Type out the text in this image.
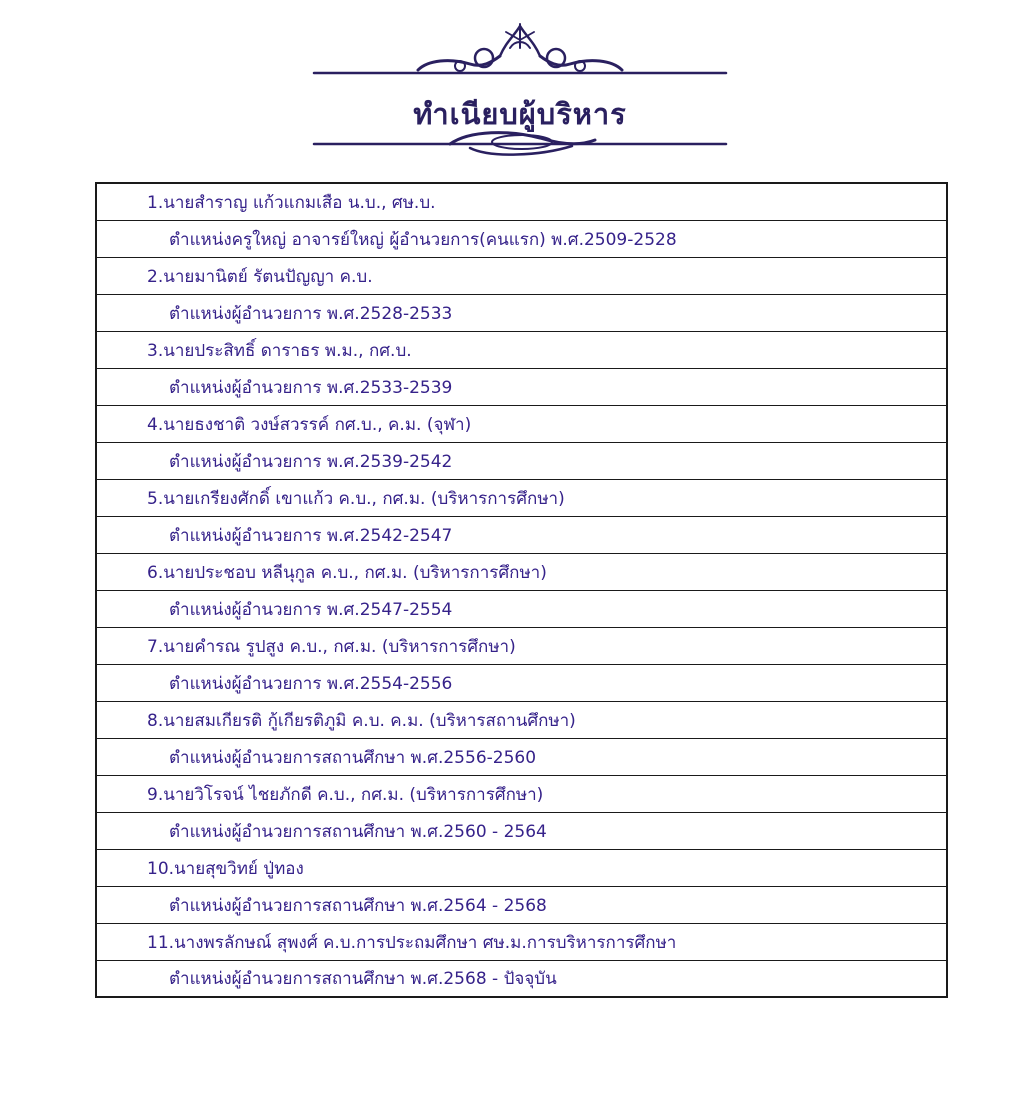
ทำเนียบผู้บริหาร
1.นายสำราญ แก้วแกมเสือ น.บ., ศษ.บ.
ตำแหน่งครูใหญ่ อาจารย์ใหญ่ ผู้อำนวยการ(คนแรก) พ.ศ.2509-2528
2.นายมานิตย์ รัตนปัญญา ค.บ.
ตำแหน่งผู้อำนวยการ พ.ศ.2528-2533
3.นายประสิทธิ์ ดาราธร พ.ม., กศ.บ.
ตำแหน่งผู้อำนวยการ พ.ศ.2533-2539
4.นายธงชาติ วงษ์สวรรค์ กศ.บ., ค.ม. (จุฬา)
ตำแหน่งผู้อำนวยการ พ.ศ.2539-2542
5.นายเกรียงศักดิ์ เขาแก้ว ค.บ., กศ.ม. (บริหารการศึกษา)
ตำแหน่งผู้อำนวยการ พ.ศ.2542-2547
6.นายประชอบ หลีนุกูล ค.บ., กศ.ม. (บริหารการศึกษา)
ตำแหน่งผู้อำนวยการ พ.ศ.2547-2554
7.นายคำรณ รูปสูง ค.บ., กศ.ม. (บริหารการศึกษา)
ตำแหน่งผู้อำนวยการ พ.ศ.2554-2556
8.นายสมเกียรติ กู้เกียรติภูมิ ค.บ. ค.ม. (บริหารสถานศึกษา)
ตำแหน่งผู้อำนวยการสถานศึกษา พ.ศ.2556-2560
9.นายวิโรจน์ ไชยภักดี ค.บ., กศ.ม. (บริหารการศึกษา)
ตำแหน่งผู้อำนวยการสถานศึกษา พ.ศ.2560 - 2564
10.นายสุขวิทย์ ปู่ทอง
ตำแหน่งผู้อำนวยการสถานศึกษา พ.ศ.2564 - 2568
11.นางพรลักษณ์ สุพงศ์ ค.บ.การประถมศึกษา ศษ.ม.การบริหารการศึกษา
ตำแหน่งผู้อำนวยการสถานศึกษา พ.ศ.2568 - ปัจจุบัน
